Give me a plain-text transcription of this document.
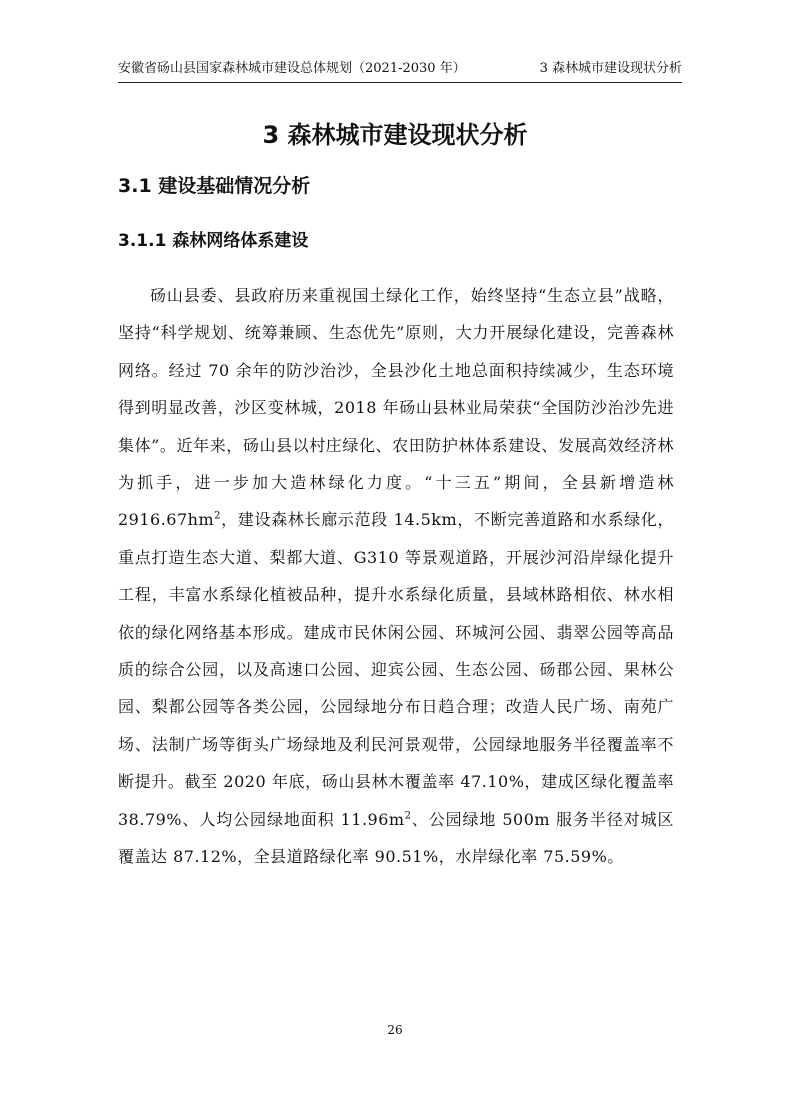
安徽省砀山县国家森林城市建设总体规划（2021-2030 年）	3 森林城市建设现状分析
3 森林城市建设现状分析
3.1 建设基础情况分析
3.1.1 森林网络体系建设

砀山县委、县政府历来重视国土绿化工作，始终坚持“生态立县”战略，坚持“科学规划、统筹兼顾、生态优先”原则，大力开展绿化建设，完善森林网络。经过 70 余年的防沙治沙，全县沙化土地总面积持续减少，生态环境得到明显改善，沙区变林城，2018 年砀山县林业局荣获“全国防沙治沙先进集体”。近年来，砀山县以村庄绿化、农田防护林体系建设、发展高效经济林为抓手，进一步加大造林绿化力度。“十三五”期间，全县新增造林 $2916.67hm^2$，建设森林长廊示范段 14.5km，不断完善道路和水系绿化，重点打造生态大道、梨都大道、G310 等景观道路，开展沙河沿岸绿化提升工程，丰富水系绿化植被品种，提升水系绿化质量，县域林路相依、林水相依的绿化网络基本形成。建成市民休闲公园、环城河公园、翡翠公园等高品质的综合公园，以及高速口公园、迎宾公园、生态公园、砀郡公园、果林公园、梨都公园等各类公园，公园绿地分布日趋合理；改造人民广场、南苑广场、法制广场等街头广场绿地及利民河景观带，公园绿地服务半径覆盖率不断提升。截至 2020 年底，砀山县林木覆盖率 47.10%，建成区绿化覆盖率 38.79%、人均公园绿地面积 $11.96m^2$、公园绿地 500m 服务半径对城区覆盖达 87.12%，全县道路绿化率 90.51%，水岸绿化率 75.59%。

26
